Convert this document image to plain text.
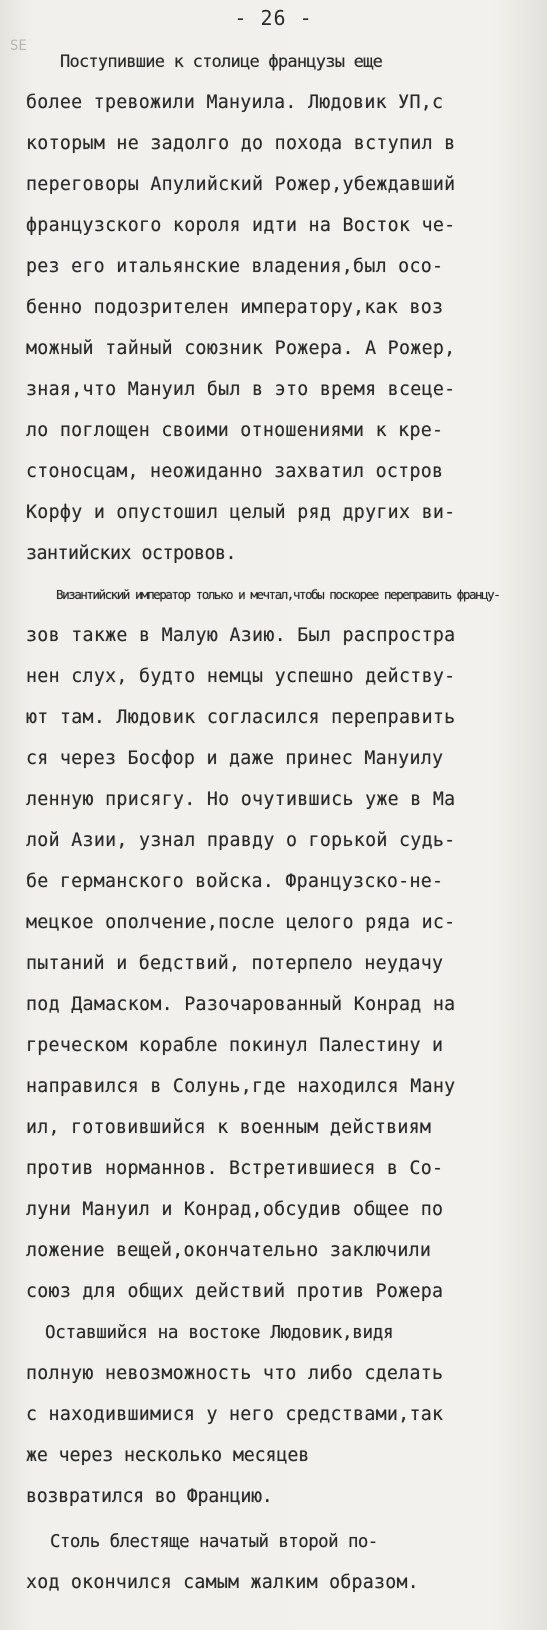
SE
- 26 -
Поступившие к столице французы еще
более тревожили Мануила. Людовик УП,с
которым не задолго до похода вступил в
переговоры Апулийский Рожер,убеждавший
французского короля идти на Восток че-
рез его итальянские владения,был осо-
бенно подозрителен императору,как воз
можный тайный союзник Рожера. А Рожер,
зная,что Мануил был в это время всеце-
ло поглощен своими отношениями к кре-
стоносцам, неожиданно захватил остров
Корфу и опустошил целый ряд других ви-
зантийских островов.
Византийский император только и мечтал,чтобы поскорее переправить францу-
зов также в Малую Азию. Был распростра
нен слух, будто немцы успешно действу-
ют там. Людовик согласился переправить
ся через Босфор и даже принес Мануилу
ленную присягу. Но очутившись уже в Ма
лой Азии, узнал правду о горькой судь-
бе германского войска. Французско-не-
мецкое ополчение,после целого ряда ис-
пытаний и бедствий, потерпело неудачу
под Дамаском. Разочарованный Конрад на
греческом корабле покинул Палестину и
направился в Солунь,где находился Ману
ил, готовившийся к военным действиям
против норманнов. Встретившиеся в Со-
луни Мануил и Конрад,обсудив общее по
ложение вещей,окончательно заключили
союз для общих действий против Рожера
Оставшийся на востоке Людовик,видя
полную невозможность что либо сделать
с находившимися у него средствами,так
же через несколько месяцев
возвратился во Францию.
Столь блестяще начатый второй по-
ход окончился самым жалким образом.
